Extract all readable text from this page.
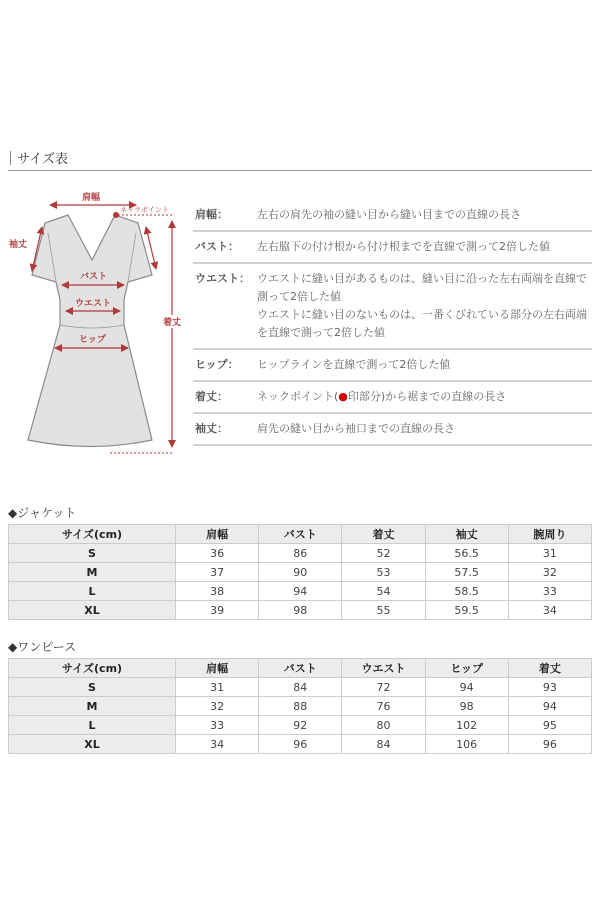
サイズ表
肩幅
ネックポイント
袖丈
バスト
ウエスト
ヒップ
着丈
肩幅：	左右の肩先の袖の縫い目から縫い目までの直線の長さ

バスト：	左右脇下の付け根から付け根までを直線で測って2倍した値

ウエスト： ウエストに縫い目があるものは、縫い目に沿った左右両端を直線で測って2倍した値

ウエストに縫い目のないものは、一番くびれている部分の左右両端を直線で測って2倍した値

ヒップ：	ヒップラインを直線で測って2倍した値

着丈：	ネックポイント(●印部分)から裾までの直線の長さ

袖丈：	肩先の縫い目から袖口までの直線の長さ

◆ジャケット
サイズ(cm)	肩幅	バスト	着丈	袖丈	腕周り
S	36	86	52	56.5	31
M	37	90	53	57.5	32
L	38	94	54	58.5	33
XL	39	98	55	59.5	34
◆ワンピース
サイズ(cm)	肩幅	バスト	ウエスト	ヒップ	着丈
S	31	84	72	94	93
M	32	88	76	98	94
L	33	92	80	102	95
XL	34	96	84	106	96
